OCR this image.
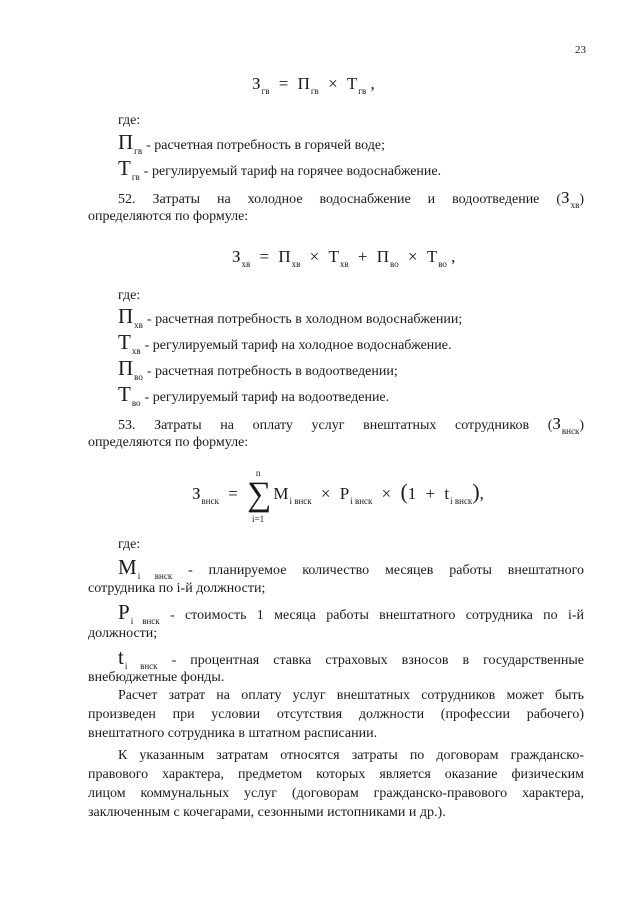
23
$З_{гв} = П_{гв} \times Т_{гв}$ ,
где:
$П_{гв}$ - расчетная потребность в горячей воде;
$Т_{гв}$ - регулируемый тариф на горячее водоснабжение.
52. Затраты на холодное водоснабжение и водоотведение $(З_{хв})$
определяются по формуле:
$З_{хв} = П_{хв} \times Т_{хв} + П_{во} \times Т_{во}$ ,
где:
$П_{хв}$ - расчетная потребность в холодном водоснабжении;
$Т_{хв}$ - регулируемый тариф на холодное водоснабжение.
$П_{во}$ - расчетная потребность в водоотведении;
$Т_{во}$ - регулируемый тариф на водоотведение.
53. Затраты на оплату услуг внештатных сотрудников $(З_{внск})$
определяются по формуле:
$З_{внск}$ =
n
∑
i=1
$M_{i внск} \times P_{i внск} \times (1 + t_{i внск})$,
где:
$M_{i внск}$ - планируемое количество месяцев работы внештатного
сотрудника по i-й должности;
$P_{i внск}$ - стоимость 1 месяца работы внештатного сотрудника по i-й
должности;
$t_{i внск}$ - процентная ставка страховых взносов в государственные
внебюджетные фонды.
Расчет затрат на оплату услуг внештатных сотрудников может быть
произведен при условии отсутствия должности (профессии рабочего)
внештатного сотрудника в штатном расписании.
К указанным затратам относятся затраты по договорам гражданско-
правового характера, предметом которых является оказание физическим
лицом коммунальных услуг (договорам гражданско-правового характера,
заключенным с кочегарами, сезонными истопниками и др.).
